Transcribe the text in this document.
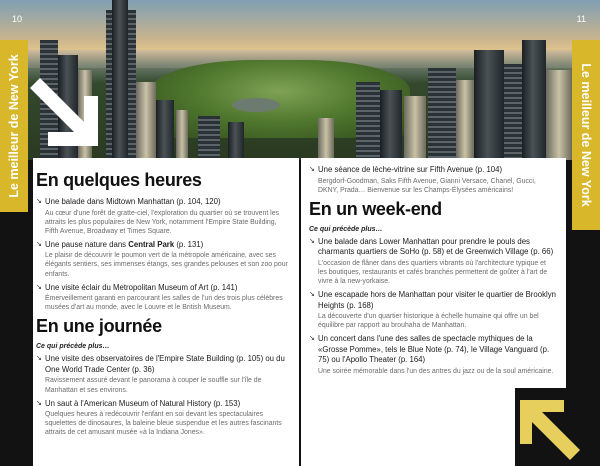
10	11
Le meilleur de New York	Le meilleur de New York
En quelques heures
↘ Une balade dans Midtown Manhattan (p. 104, 120)
Au cœur d'une forêt de gratte-ciel, l'exploration du quartier où se trouvent les attraits les plus populaires de New York, notamment l'Empire State Building, Fifth Avenue, Broadway et Times Square.
↘ Une pause nature dans Central Park (p. 131)
Le plaisir de découvrir le poumon vert de la métropole américaine, avec ses élégants sentiers, ses immenses étangs, ses grandes pelouses et son zoo pour enfants.
↘ Une visite éclair du Metropolitan Museum of Art (p. 141)
Émerveillement garanti en parcourant les salles de l'un des trois plus célèbres musées d'art au monde, avec le Louvre et le British Museum.
En une journée
Ce qui précède plus…
↘ Une visite des observatoires de l'Empire State Building (p. 105) ou du One World Trade Center (p. 36)
Ravissement assuré devant le panorama à couper le souffle sur l'île de Manhattan et ses environs.
↘ Un saut à l'American Museum of Natural History (p. 153)
Quelques heures à redécouvrir l'enfant en soi devant les spectaculaires squelettes de dinosaures, la baleine bleue suspendue et les autres fascinants attraits de cet amusant musée «à la Indiana Jones».
↘ Une séance de lèche-vitrine sur Fifth Avenue (p. 104)
Bergdorf-Goodman, Saks Fifth Avenue, Gianni Versace, Chanel, Gucci, DKNY, Prada… Bienvenue sur les Champs-Élysées américains!
En un week-end
Ce qui précède plus…
↘ Une balade dans Lower Manhattan pour prendre le pouls des charmants quartiers de SoHo (p. 58) et de Greenwich Village (p. 66)
L'occasion de flâner dans des quartiers vibrants où l'architecture typique et les boutiques, restaurants et cafés branchés permettent de goûter à l'art de vivre à la new-yorkaise.
↘ Une escapade hors de Manhattan pour visiter le quartier de Brooklyn Heights (p. 168)
La découverte d'un quartier historique à échelle humaine qui offre un bel équilibre par rapport au brouhaha de Manhattan.
↘ Un concert dans l'une des salles de spectacle mythiques de la «Grosse Pomme», tels le Blue Note (p. 74), le Village Vanguard (p. 75) ou l'Apollo Theater (p. 164)
Une soirée mémorable dans l'un des antres du jazz ou de la soul américaine.
